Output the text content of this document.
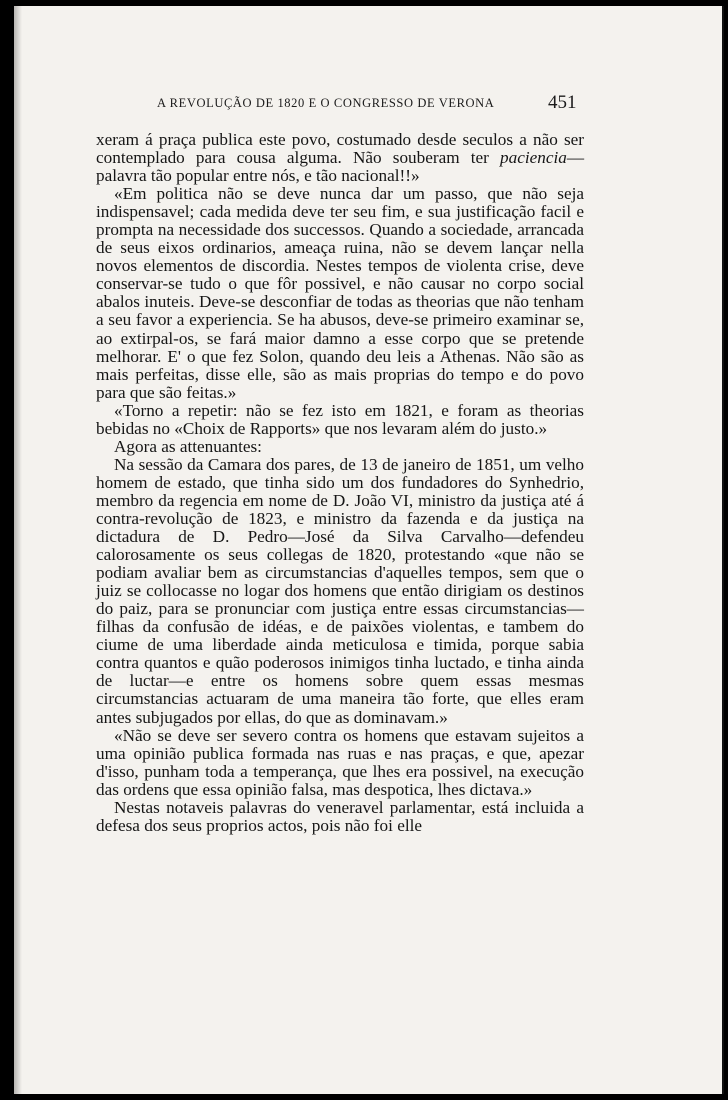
A REVOLUÇÃO DE 1820 E O CONGRESSO DE VERONA	451

xeram á praça publica este povo, costumado desde seculos a não ser contemplado para cousa alguma. Não souberam ter paciencia—palavra tão popular entre nós, e tão nacional!!»

«Em politica não se deve nunca dar um passo, que não seja indispensavel; cada medida deve ter seu fim, e sua justificação facil e prompta na necessidade dos successos. Quando a sociedade, arrancada de seus eixos ordinarios, ameaça ruina, não se devem lançar nella novos elementos de discordia. Nestes tempos de violenta crise, deve conservar-se tudo o que fôr possivel, e não causar no corpo social abalos inuteis. Deve-se desconfiar de todas as theorias que não tenham a seu favor a experiencia. Se ha abusos, deve-se primeiro examinar se, ao extirpal-os, se fará maior damno a esse corpo que se pretende melhorar. E' o que fez Solon, quando deu leis a Athenas. Não são as mais perfeitas, disse elle, são as mais proprias do tempo e do povo para que são feitas.»

«Torno a repetir: não se fez isto em 1821, e foram as theorias bebidas no «Choix de Rapports» que nos levaram além do justo.»

Agora as attenuantes:

Na sessão da Camara dos pares, de 13 de janeiro de 1851, um velho homem de estado, que tinha sido um dos fundadores do Synhedrio, membro da regencia em nome de D. João VI, ministro da justiça até á contra-revolução de 1823, e ministro da fazenda e da justiça na dictadura de D. Pedro—José da Silva Carvalho—defendeu calorosamente os seus collegas de 1820, protestando «que não se podiam avaliar bem as circumstancias d'aquelles tempos, sem que o juiz se collocasse no logar dos homens que então dirigiam os destinos do paiz, para se pronunciar com justiça entre essas circumstancias—filhas da confusão de idéas, e de paixões violentas, e tambem do ciume de uma liberdade ainda meticulosa e timida, porque sabia contra quantos e quão poderosos inimigos tinha luctado, e tinha ainda de luctar—e entre os homens sobre quem essas mesmas circumstancias actuaram de uma maneira tão forte, que elles eram antes subjugados por ellas, do que as dominavam.»

«Não se deve ser severo contra os homens que estavam sujeitos a uma opinião publica formada nas ruas e nas praças, e que, apezar d'isso, punham toda a temperança, que lhes era possivel, na execução das ordens que essa opinião falsa, mas despotica, lhes dictava.»

Nestas notaveis palavras do veneravel parlamentar, está incluida a defesa dos seus proprios actos, pois não foi elle
